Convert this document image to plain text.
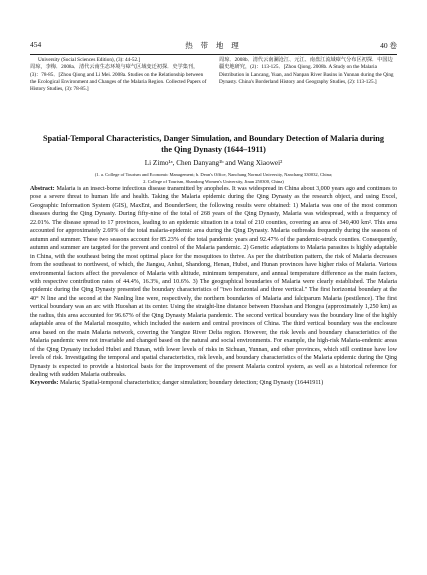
454	热 带 地 理	40 卷

University (Social Sciences Edition), (3): 44-52.]

周琼，李梅．2008a．清代云南生态环境与瘴气区域变迁初探．史学集刊，(3)：78-85．[Zhou Qiong and Li Mei. 2008a. Studies on the Relationship between the Ecological Environment and Changes of the Malaria Region. Collected Papers of History Studies, (3): 78-85.]

周琼．2008b．清代云南澜沧江、元江、南盘江流域瘴气分布区初探．中国边疆史地研究，(2)：113-125．[Zhou Qiong. 2008b. A Study on the Malaria Distribution in Lancang, Yuan, and Nanpan River Basins in Yunnan during the Qing Dynasty. China's Borderland History and Geography Studies, (2): 113-125.]

Spatial-Temporal Characteristics, Danger Simulation, and Boundary Detection of Malaria during the Qing Dynasty (1644–1911)
Li Zimo¹ᵃ, Chen Danyang¹ᵇ and Wang Xiaowei²
(1. a. College of Tourism and Economic Management; b. Dean's Office, Nanchang Normal University, Nanchang 330032, China;
2. College of Tourism, Shandong Women's University, Jinan 250300, China)

Abstract: Malaria is an insect-borne infectious disease transmitted by anopheles. It was widespread in China about 3,000 years ago and continues to pose a severe threat to human life and health. Taking the Malaria epidemic during the Qing Dynasty as the research object, and using Excel, Geographic Information System (GIS), MaxEnt, and BounderSeer, the following results were obtained: 1) Malaria was one of the most common diseases during the Qing Dynasty. During fifty-nine of the total of 268 years of the Qing Dynasty, Malaria was widespread, with a frequency of 22.01%. The disease spread to 17 provinces, leading to an epidemic situation in a total of 210 counties, covering an area of 340,400 km². This area accounted for approximately 2.69% of the total malaria-epidemic area during the Qing Dynasty. Malaria outbreaks frequently during the seasons of autumn and summer. These two seasons account for 85.23% of the total pandemic years and 92.47% of the pandemic-struck counties. Consequently, autumn and summer are targeted for the prevent and control of the Malaria pandemic. 2) Genetic adaptations to Malaria parasites is highly adaptable in China, with the southeast being the most optimal place for the mosquitoes to thrive. As per the distribution pattern, the risk of Malaria decreases from the southeast to northwest, of which, the Jiangsu, Anhui, Shandong, Henan, Hubei, and Hunan provinces have higher risks of Malaria. Various environmental factors affect the prevalence of Malaria with altitude, minimum temperature, and annual temperature difference as the main factors, with respective contribution rates of 44.4%, 16.3%, and 10.6%. 3) The geographical boundaries of Malaria were clearly established. The Malaria epidemic during the Qing Dynasty presented the boundary characteristics of "two horizontal and three vertical." The first horizontal boundary at the 40° N line and the second at the Nanling line were, respectively, the northern boundaries of Malaria and falciparum Malaria (pestilence). The first vertical boundary was an arc with Huoshan at its center. Using the straight-line distance between Huoshan and Hongya (approximately 1,250 km) as the radius, this area accounted for 96.67% of the Qing Dynasty Malaria pandemic. The second vertical boundary was the boundary line of the highly adaptable area of the Malarial mosquito, which included the eastern and central provinces of China. The third vertical boundary was the enclosure area based on the main Malaria network, covering the Yangtze River Delta region. However, the risk levels and boundary characteristics of the Malaria pandemic were not invariable and changed based on the natural and social environments. For example, the high-risk Malaria-endemic areas of the Qing Dynasty included Hubei and Hunan, with lower levels of risks in Sichuan, Yunnan, and other provinces, which still continue have low levels of risk. Investigating the temporal and spatial characteristics, risk levels, and boundary characteristics of the Malaria epidemic during the Qing Dynasty is expected to provide a historical basis for the improvement of the present Malaria control system, as well as a historical reference for dealing with sudden Malaria outbreaks.

Keywords: Malaria; Spatial-temporal characteristics; danger simulation; boundary detection; Qing Dynasty (16441911)
